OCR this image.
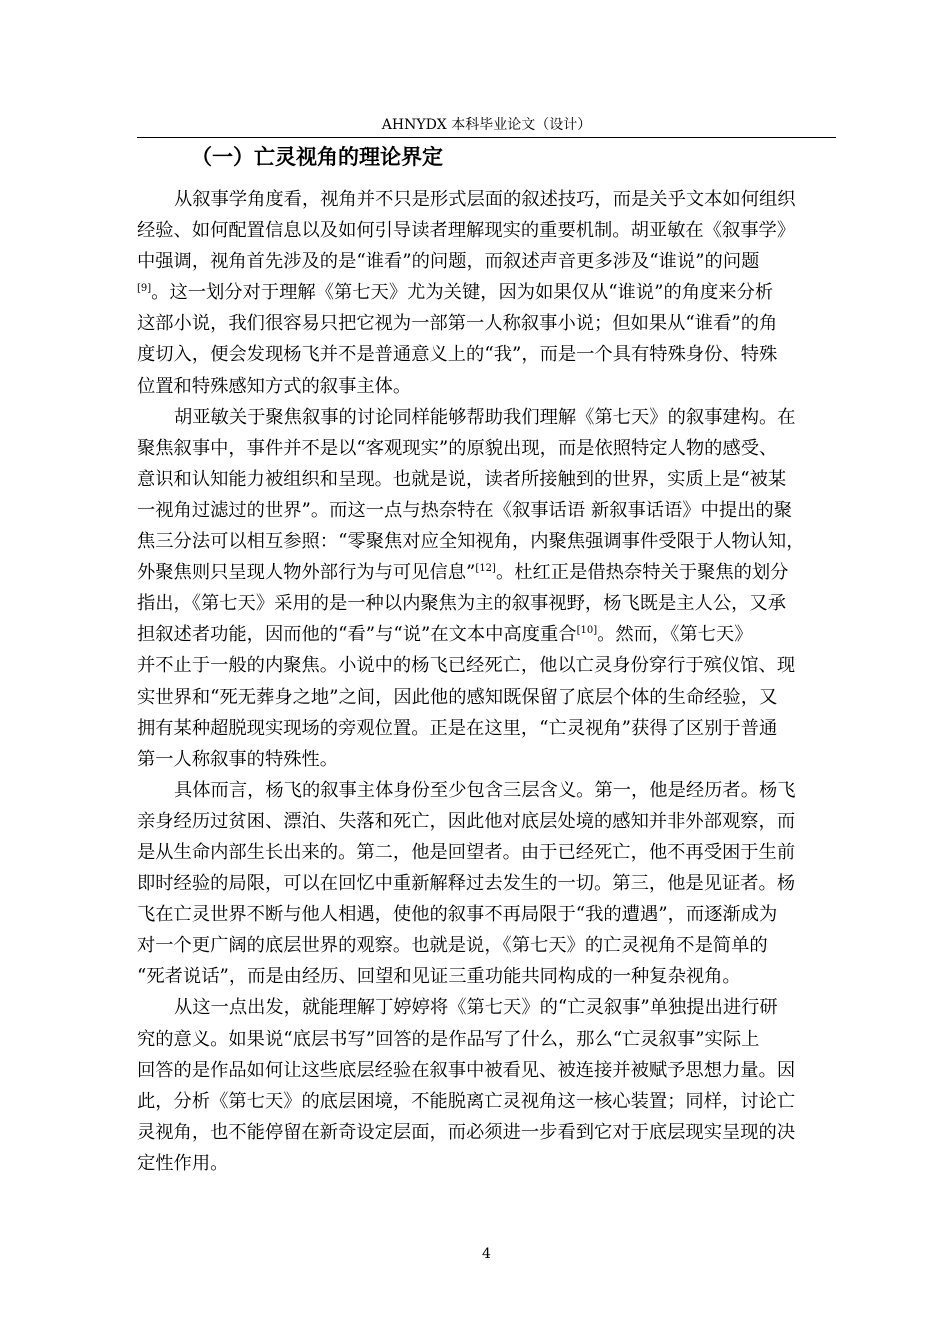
AHNYDX 本科毕业论文（设计）
（一）亡灵视角的理论界定
从叙事学角度看，视角并不只是形式层面的叙述技巧，而是关乎文本如何组织
经验、如何配置信息以及如何引导读者理解现实的重要机制。胡亚敏在《叙事学》
中强调，视角首先涉及的是“谁看”的问题，而叙述声音更多涉及“谁说”的问题
[9]。这一划分对于理解《第七天》尤为关键，因为如果仅从“谁说”的角度来分析
这部小说，我们很容易只把它视为一部第一人称叙事小说；但如果从“谁看”的角
度切入，便会发现杨飞并不是普通意义上的“我”，而是一个具有特殊身份、特殊
位置和特殊感知方式的叙事主体。
胡亚敏关于聚焦叙事的讨论同样能够帮助我们理解《第七天》的叙事建构。在
聚焦叙事中，事件并不是以“客观现实”的原貌出现，而是依照特定人物的感受、
意识和认知能力被组织和呈现。也就是说，读者所接触到的世界，实质上是“被某
一视角过滤过的世界”。而这一点与热奈特在《叙事话语 新叙事话语》中提出的聚
焦三分法可以相互参照：“零聚焦对应全知视角，内聚焦强调事件受限于人物认知，
外聚焦则只呈现人物外部行为与可见信息”[12]。杜红正是借热奈特关于聚焦的划分
指出，《第七天》采用的是一种以内聚焦为主的叙事视野，杨飞既是主人公，又承
担叙述者功能，因而他的“看”与“说”在文本中高度重合[10]。然而，《第七天》
并不止于一般的内聚焦。小说中的杨飞已经死亡，他以亡灵身份穿行于殡仪馆、现
实世界和“死无葬身之地”之间，因此他的感知既保留了底层个体的生命经验，又
拥有某种超脱现实现场的旁观位置。正是在这里，“亡灵视角”获得了区别于普通
第一人称叙事的特殊性。
具体而言，杨飞的叙事主体身份至少包含三层含义。第一，他是经历者。杨飞
亲身经历过贫困、漂泊、失落和死亡，因此他对底层处境的感知并非外部观察，而
是从生命内部生长出来的。第二，他是回望者。由于已经死亡，他不再受困于生前
即时经验的局限，可以在回忆中重新解释过去发生的一切。第三，他是见证者。杨
飞在亡灵世界不断与他人相遇，使他的叙事不再局限于“我的遭遇”，而逐渐成为
对一个更广阔的底层世界的观察。也就是说，《第七天》的亡灵视角不是简单的
“死者说话”，而是由经历、回望和见证三重功能共同构成的一种复杂视角。
从这一点出发，就能理解丁婷婷将《第七天》的“亡灵叙事”单独提出进行研
究的意义。如果说“底层书写”回答的是作品写了什么，那么“亡灵叙事”实际上
回答的是作品如何让这些底层经验在叙事中被看见、被连接并被赋予思想力量。因
此，分析《第七天》的底层困境，不能脱离亡灵视角这一核心装置；同样，讨论亡
灵视角，也不能停留在新奇设定层面，而必须进一步看到它对于底层现实呈现的决
定性作用。
4
